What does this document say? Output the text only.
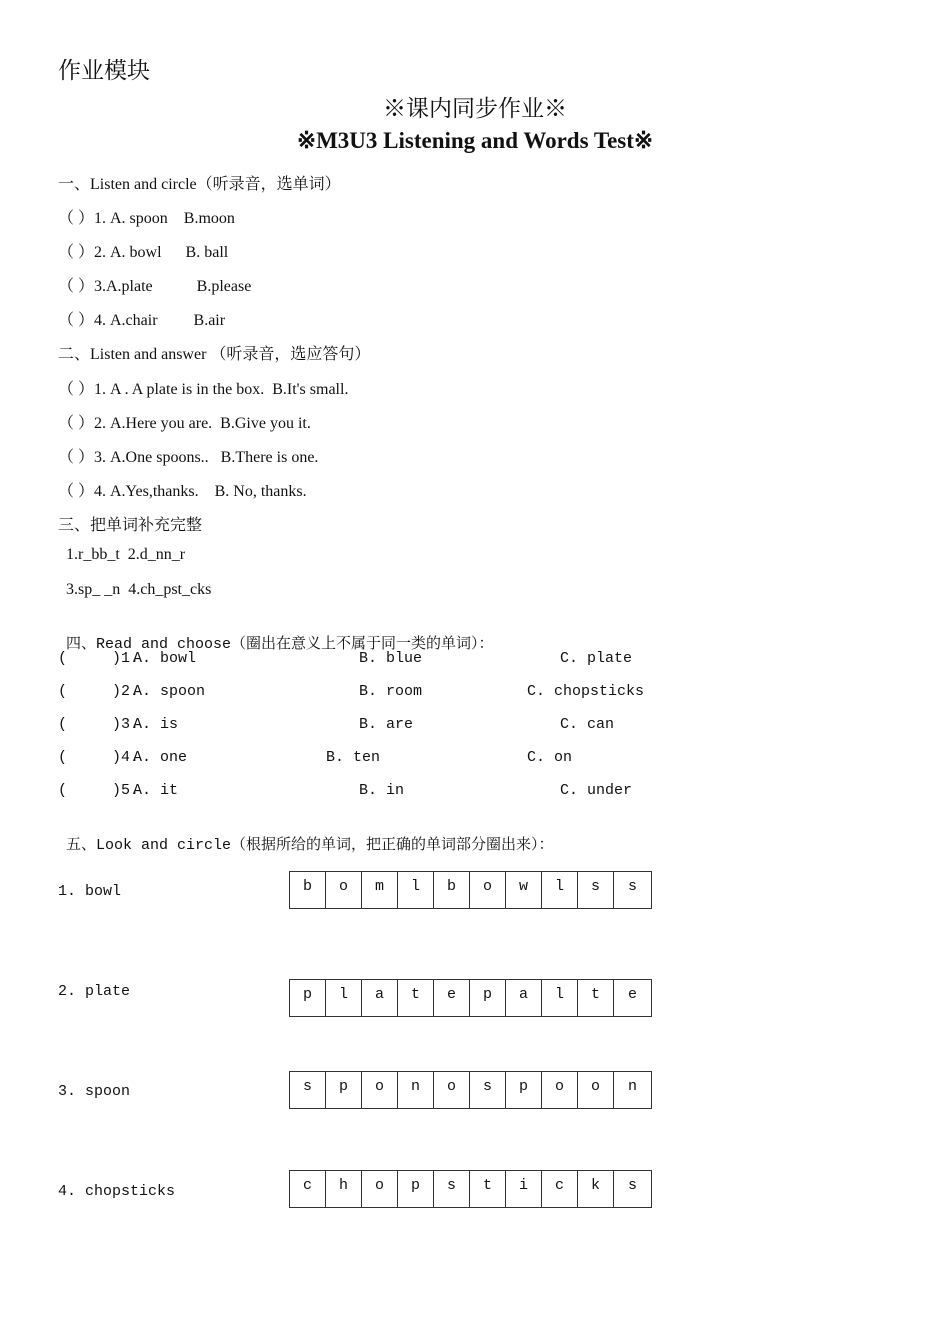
作业模块
※课内同步作业※
※M3U3 Listening and Words Test※
一、Listen and circle（听录音，选单词）
（ ）1. A. spoon    B.moon
（ ）2. A. bowl      B. ball
（ ）3.A.plate           B.please
（ ）4. A.chair         B.air
二、Listen and answer （听录音，选应答句）
（ ）1. A . A plate is in the box.  B.It's small.
（ ）2. A.Here you are.  B.Give you it.
（ ）3. A.One spoons..   B.There is one.
（ ）4. A.Yes,thanks.    B. No, thanks.
三、把单词补充完整
1.r_bb_t  2.d_nn_r
3.sp_ _n  4.ch_pst_cks

四、Read and choose（圈出在意义上不属于同一类的单词）：

(     )1.
A. bowl	B. blue	C. plate
(     )2.
A. spoon	B. room	C. chopsticks
(     )3.
A. is	B. are	C. can
(     )4.
A. one	B. ten	C. on
(     )5.
A. it	B. in	C. under

五、Look and circle（根据所给的单词，把正确的单词部分圈出来）：

1. bowl	b	o	m	l	b	o	w	l	s	s
2. plate	p	l	a	t	e	p	a	l	t	e
3. spoon	s	p	o	n	o	s	p	o	o	n
4. chopsticks	c	h	o	p	s	t	i	c	k	s
